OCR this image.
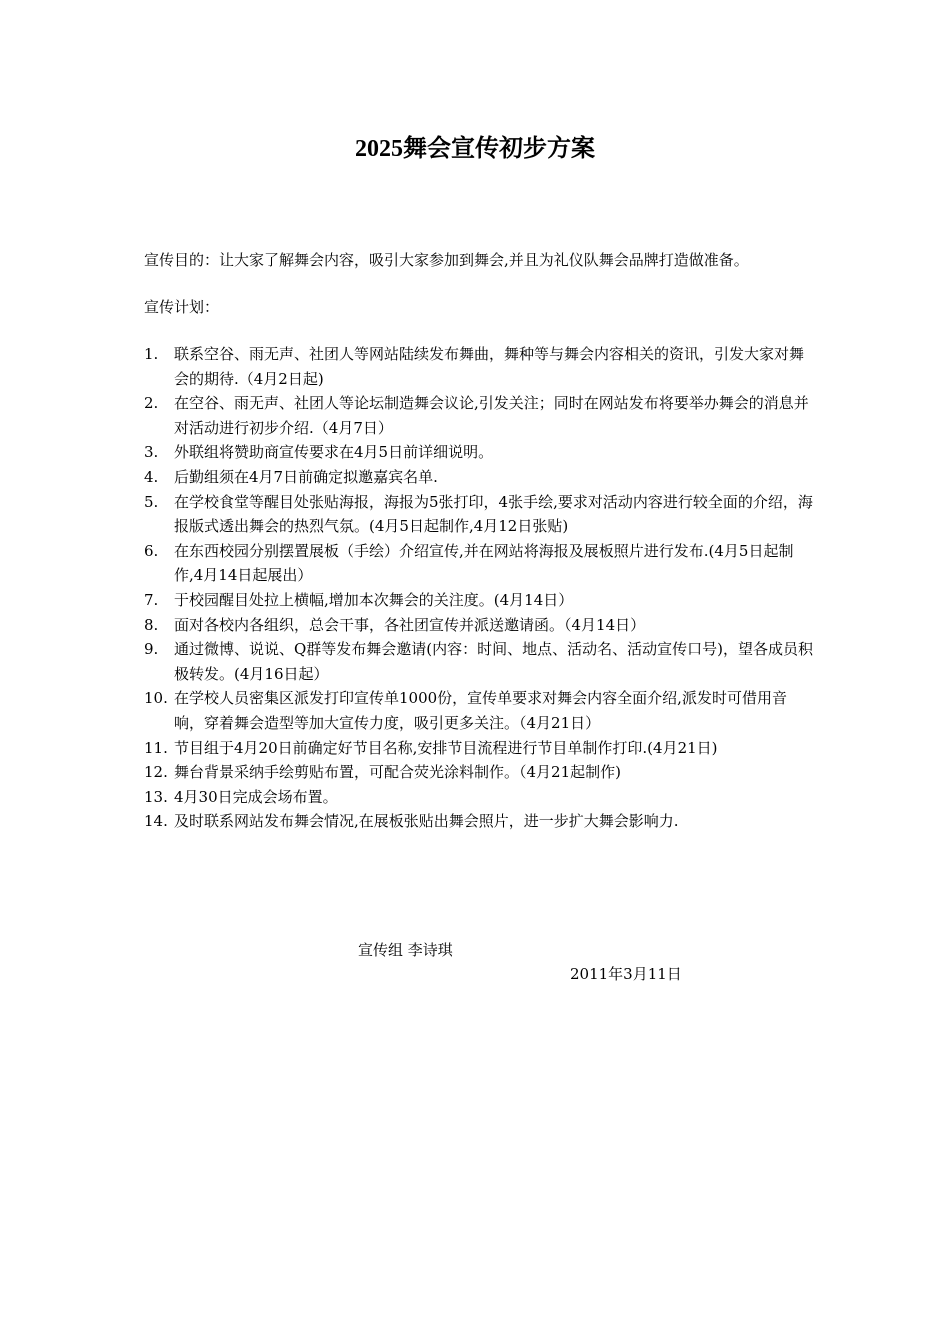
2025舞会宣传初步方案
宣传目的：让大家了解舞会内容，吸引大家参加到舞会,并且为礼仪队舞会品牌打造做准备。
宣传计划：
1.	联系空谷、雨无声、社团人等网站陆续发布舞曲，舞种等与舞会内容相关的资讯，引发大家对舞会的期待.（4月2日起)
2.	在空谷、雨无声、社团人等论坛制造舞会议论,引发关注；同时在网站发布将要举办舞会的消息并对活动进行初步介绍.（4月7日）
3.	外联组将赞助商宣传要求在4月5日前详细说明。
4.	后勤组须在4月7日前确定拟邀嘉宾名单.
5.	在学校食堂等醒目处张贴海报，海报为5张打印，4张手绘,要求对活动内容进行较全面的介绍，海报版式透出舞会的热烈气氛。(4月5日起制作,4月12日张贴)
6.	在东西校园分别摆置展板（手绘）介绍宣传,并在网站将海报及展板照片进行发布.(4月5日起制作,4月14日起展出）
7.	于校园醒目处拉上横幅,增加本次舞会的关注度。(4月14日）
8.	面对各校内各组织，总会干事，各社团宣传并派送邀请函。（4月14日）
9.	通过微博、说说、Q群等发布舞会邀请(内容：时间、地点、活动名、活动宣传口号)，望各成员积极转发。(4月16日起）
10. 在学校人员密集区派发打印宣传单1000份，宣传单要求对舞会内容全面介绍,派发时可借用音响，穿着舞会造型等加大宣传力度，吸引更多关注。（4月21日）
11. 节目组于4月20日前确定好节目名称,安排节目流程进行节目单制作打印.(4月21日)
12. 舞台背景采纳手绘剪贴布置，可配合荧光涂料制作。（4月21起制作)
13. 4月30日完成会场布置。
14. 及时联系网站发布舞会情况,在展板张贴出舞会照片，进一步扩大舞会影响力.
宣传组 李诗琪
2011年3月11日
